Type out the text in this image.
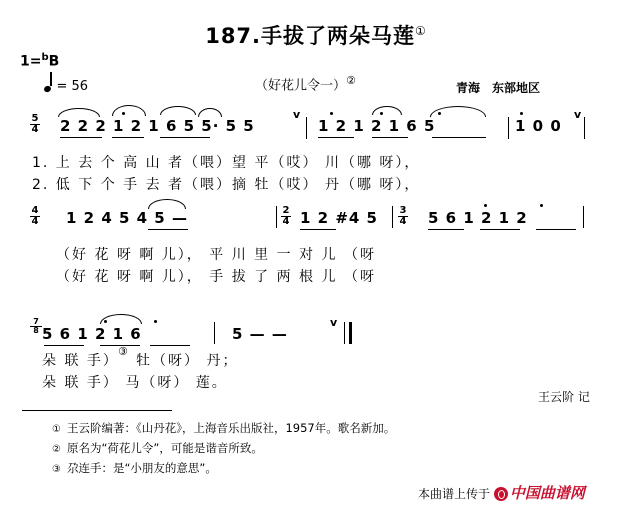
187.手拔了两朵马莲①
1=$^b$B
= 56	（好花儿令一）②
青海　东部地区
5
4 2 2 2 1 2 1 6 5 5· 5 5
v
1 2 1 2 1 6 5	1 0 0
v
1. 上 去 个 高 山 者（喂）望 平（哎） 川（哪 呀），
2. 低 下 个 手 去 者（喂）摘 牡（哎） 丹（哪 呀），
4
4 1 2 4 5 4 5 —	2
4 1 2 #4 5 3
4 5 6 1 2 1 2
（好 花 呀 啊 儿）， 平 川 里 一 对 儿 （呀
（好 花 呀 啊 儿）， 手 拔 了 两 根 儿 （呀
7
8 5 6 1 2 1 6	5 — —
v
朵 联 手）
③
牡（呀） 丹；
朵 联 手） 马（呀） 莲。
王云阶 记
① 王云阶编著：《山丹花》，上海音乐出版社，1957年。歌名新加。
② 原名为“荷花儿令”，可能是谐音所致。
③ 尕连手：是“小朋友的意思”。
本曲谱上传于 中国曲谱网
